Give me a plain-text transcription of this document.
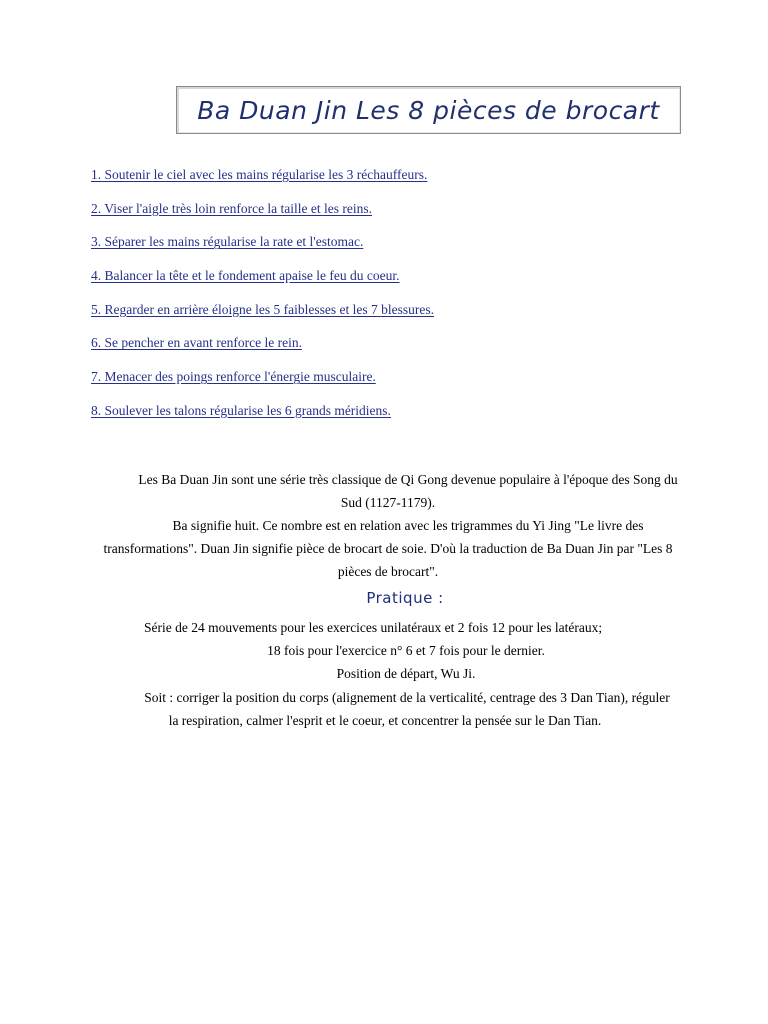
Ba Duan Jin Les 8 pièces de brocart
1. Soutenir le ciel avec les mains régularise les 3 réchauffeurs.
2. Viser l'aigle très loin renforce la taille et les reins.
3. Séparer les mains régularise la rate et l'estomac.
4. Balancer la tête et le fondement apaise le feu du coeur.
5. Regarder en arrière éloigne les 5 faiblesses et les 7 blessures.
6. Se pencher en avant renforce le rein.
7. Menacer des poings renforce l'énergie musculaire.
8. Soulever les talons régularise les 6 grands méridiens.

Les Ba Duan Jin sont une série très classique de Qi Gong devenue populaire à l'époque des Song du Sud (1127-1179).

Ba signifie huit. Ce nombre est en relation avec les trigrammes du Yi Jing "Le livre des transformations". Duan Jin signifie pièce de brocart de soie. D'où la traduction de Ba Duan Jin par "Les 8 pièces de brocart".

Pratique :

Série de 24 mouvements pour les exercices unilatéraux et 2 fois 12 pour les latéraux;

18 fois pour l'exercice n° 6 et 7 fois pour le dernier.

Position de départ, Wu Ji.

Soit : corriger la position du corps (alignement de la verticalité, centrage des 3 Dan Tian), réguler la respiration, calmer l'esprit et le coeur, et concentrer la pensée sur le Dan Tian.
